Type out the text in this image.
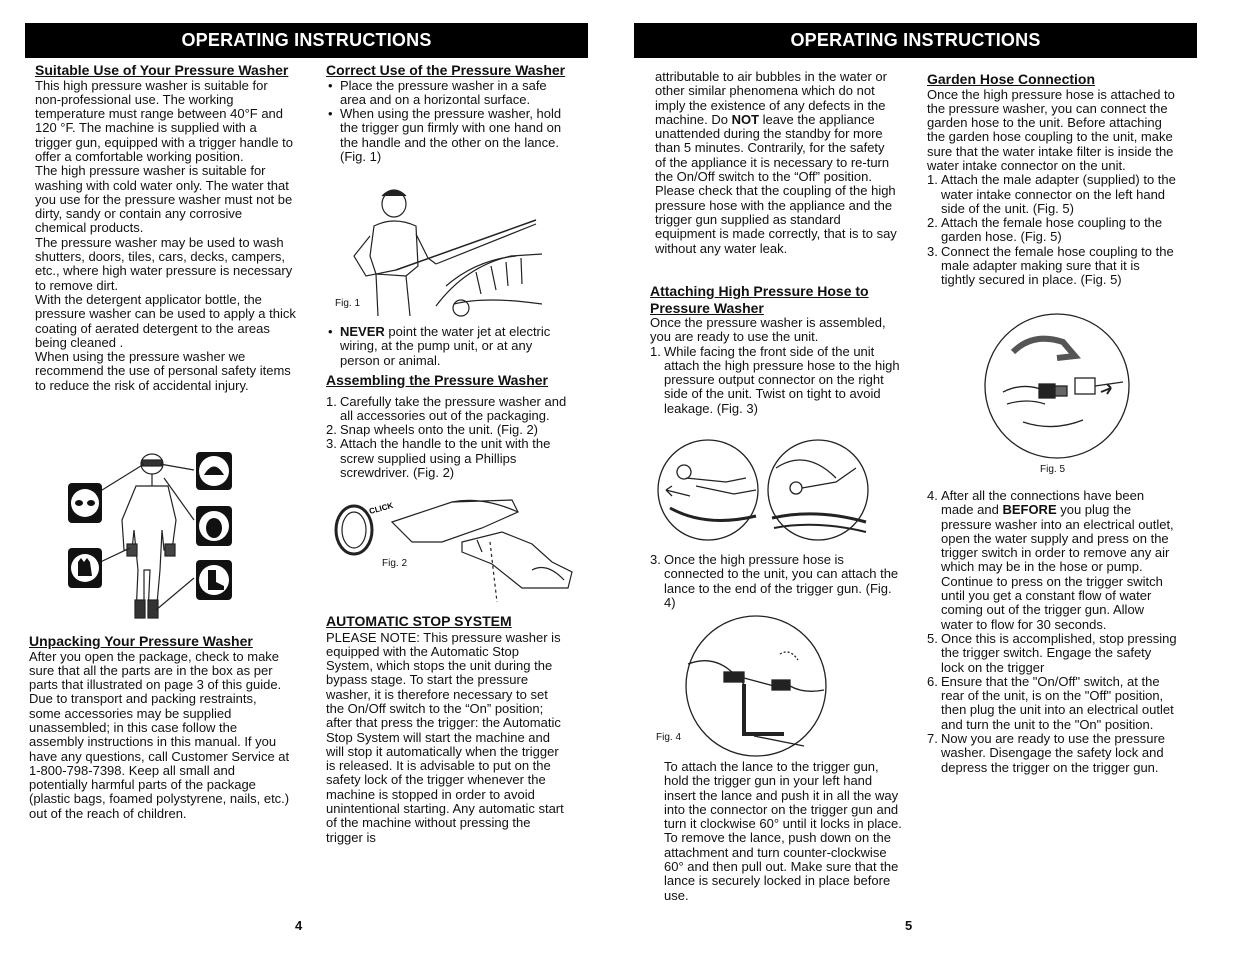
OPERATING INSTRUCTIONS

Suitable Use of Your Pressure Washer

This high pressure washer is suitable for non-professional use. The working temperature must range between 40°F and 120 °F. The machine is supplied with a trigger gun, equipped with a trigger handle to offer a comfortable working position.

The high pressure washer is suitable for washing with cold water only. The water that you use for the pressure washer must not be dirty, sandy or contain any corrosive chemical products.

The pressure washer may be used to wash shutters, doors, tiles, cars, decks, campers, etc., where high water pressure is necessary to remove dirt.

With the detergent applicator bottle, the pressure washer can be used to apply a thick coating of aerated detergent to the areas being cleaned .

When using the pressure washer we recommend the use of personal safety items to reduce the risk of accidental injury.

Unpacking Your Pressure Washer

After you open the package, check to make sure that all the parts are in the box as per parts that illustrated on page 3 of this guide. Due to transport and packing restraints, some accessories may be supplied unassembled; in this case follow the assembly instructions in this manual. If you have any questions, call Customer Service at 1-800-798-7398. Keep all small and potentially harmful parts of the package (plastic bags, foamed polystyrene, nails, etc.) out of the reach of children.

Correct Use of the Pressure Washer

• Place the pressure washer in a safe area and on a horizontal surface.
• When using the pressure washer, hold the trigger gun firmly with one hand on the handle and the other on the lance. (Fig. 1)
Fig. 1
• NEVER point the water jet at electric wiring, at the pump unit, or at any person or animal.

Assembling the Pressure Washer

1. Carefully take the pressure washer and all accessories out of the packaging.
2. Snap wheels onto the unit. (Fig. 2)
3. Attach the handle to the unit with the screw supplied using a Phillips screwdriver. (Fig. 2)
CLICK
Fig. 2

AUTOMATIC STOP SYSTEM

PLEASE NOTE: This pressure washer is equipped with the Automatic Stop System, which stops the unit during the bypass stage. To start the pressure washer, it is therefore necessary to set the On/Off switch to the “On” position; after that press the trigger: the Automatic Stop System will start the machine and will stop it automatically when the trigger is released. It is advisable to put on the safety lock of the trigger whenever the machine is stopped in order to avoid unintentional starting. Any automatic start of the machine without pressing the trigger is

4
OPERATING INSTRUCTIONS

attributable to air bubbles in the water or other similar phenomena which do not imply the existence of any defects in the machine. Do NOT leave the appliance unattended during the standby for more than 5 minutes. Contrarily, for the safety of the appliance it is necessary to re-turn the On/Off switch to the “Off” position. Please check that the coupling of the high pressure hose with the appliance and the trigger gun supplied as standard equipment is made correctly, that is to say without any water leak.

Attaching High Pressure Hose to Pressure Washer

Once the pressure washer is assembled, you are ready to use the unit.

1. While facing the front side of the unit attach the high pressure hose to the high pressure output connector on the right side of the unit. Twist on tight to avoid leakage. (Fig. 3)
3. Once the high pressure hose is connected to the unit, you can attach the lance to the end of the trigger gun. (Fig. 4)
Fig. 4

To attach the lance to the trigger gun, hold the trigger gun in your left hand insert the lance and push it in all the way into the connector on the trigger gun and turn it clockwise 60° until it locks in place. To remove the lance, push down on the attachment and turn counter-clockwise 60° and then pull out. Make sure that the lance is securely locked in place before use.

Garden Hose Connection

Once the high pressure hose is attached to the pressure washer, you can connect the garden hose to the unit. Before attaching the garden hose coupling to the unit, make sure that the water intake filter is inside the water intake connector on the unit.

1. Attach the male adapter (supplied) to the water intake connector on the left hand side of the unit. (Fig. 5)
2. Attach the female hose coupling to the garden hose. (Fig. 5)
3. Connect the female hose coupling to the male adapter making sure that it is tightly secured in place. (Fig. 5)
Fig. 5
4. After all the connections have been made and BEFORE you plug the pressure washer into an electrical outlet, open the water supply and press on the trigger switch in order to remove any air which may be in the hose or pump. Continue to press on the trigger switch until you get a constant flow of water coming out of the trigger gun. Allow water to flow for 30 seconds.
5. Once this is accomplished, stop pressing the trigger switch. Engage the safety lock on the trigger
6. Ensure that the "On/Off" switch, at the rear of the unit, is on the "Off" position, then plug the unit into an electrical outlet and turn the unit to the "On" position.
7. Now you are ready to use the pressure washer. Disengage the safety lock and depress the trigger on the trigger gun.
5
